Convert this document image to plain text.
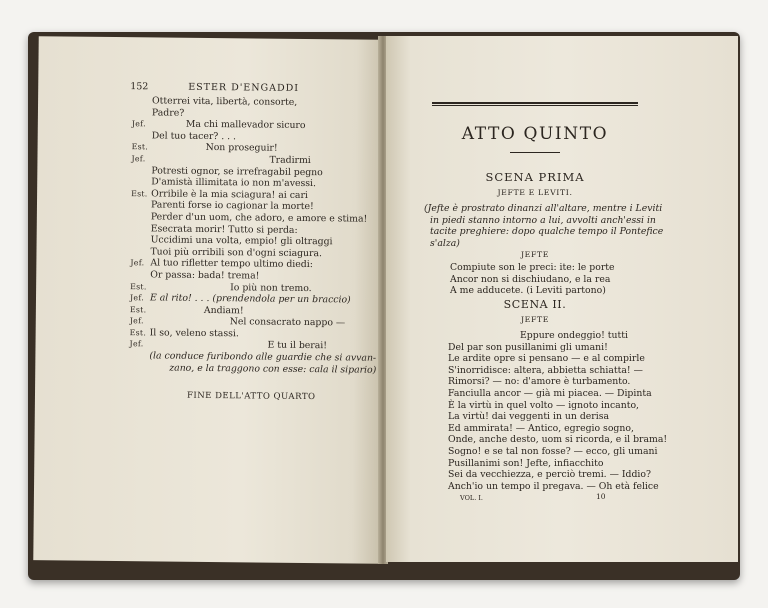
152	ESTER D'ENGADDI
Otterrei vita, libertà, consorte,
Padre?
Jef.	Ma chi mallevador sicuro
Del tuo tacer? . . .
Est.	Non proseguir!
Jef.	Tradirmi
Potresti ognor, se irrefragabil pegno
D'amistà illimitata io non m'avessi.
Est. Orribile è la mia sciagura! ai cari
Parenti forse io cagionar la morte!
Perder d'un uom, che adoro, e amore e stima!
Esecrata morir! Tutto si perda:
Uccidimi una volta, empio! gli oltraggi
Tuoi più orribili son d'ogni sciagura.
Jef. Al tuo rifletter tempo ultimo diedi:
Or passa: bada! trema!
Est.	Io più non tremo.
Jef. E al rito! . . . (prendendola per un braccio)
Est.	Andiam!
Jef.	Nel consacrato nappo —
Est. Il so, veleno stassi.
Jef.	E tu il berai!
(la conduce furibondo alle guardie che si avvan-
zano, e la traggono con esse: cala il sipario)
FINE DELL'ATTO QUARTO
ATTO QUINTO
SCENA PRIMA
JEFTE E LEVITI.
(Jefte è prostrato dinanzi all'altare, mentre i Leviti
in piedi stanno intorno a lui, avvolti anch'essi in
tacite preghiere: dopo qualche tempo il Pontefice
s'alza)
JEFTE
Compiute son le preci: ite: le porte
Ancor non si dischiudano, e la rea
A me adducete. (i Leviti partono)
SCENA II.
JEFTE
Eppure ondeggio! tutti
Del par son pusillanimi gli umani!
Le ardite opre si pensano — e al compirle
S'inorridisce: altera, abbietta schiatta! —
Rimorsi? — no: d'amore è turbamento.
Fanciulla ancor — già mi piacea. — Dipinta
È la virtù in quel volto — ignoto incanto,
La virtù! dai veggenti in un derisa
Ed ammirata! — Antico, egregio sogno,
Onde, anche desto, uom si ricorda, e il brama!
Sogno! e se tal non fosse? — ecco, gli umani
Pusillanimi son! Jefte, infiacchito
Sei da vecchiezza, e perciò tremi. — Iddio?
Anch'io un tempo il pregava. — Oh età felice
VOL. I.	10
